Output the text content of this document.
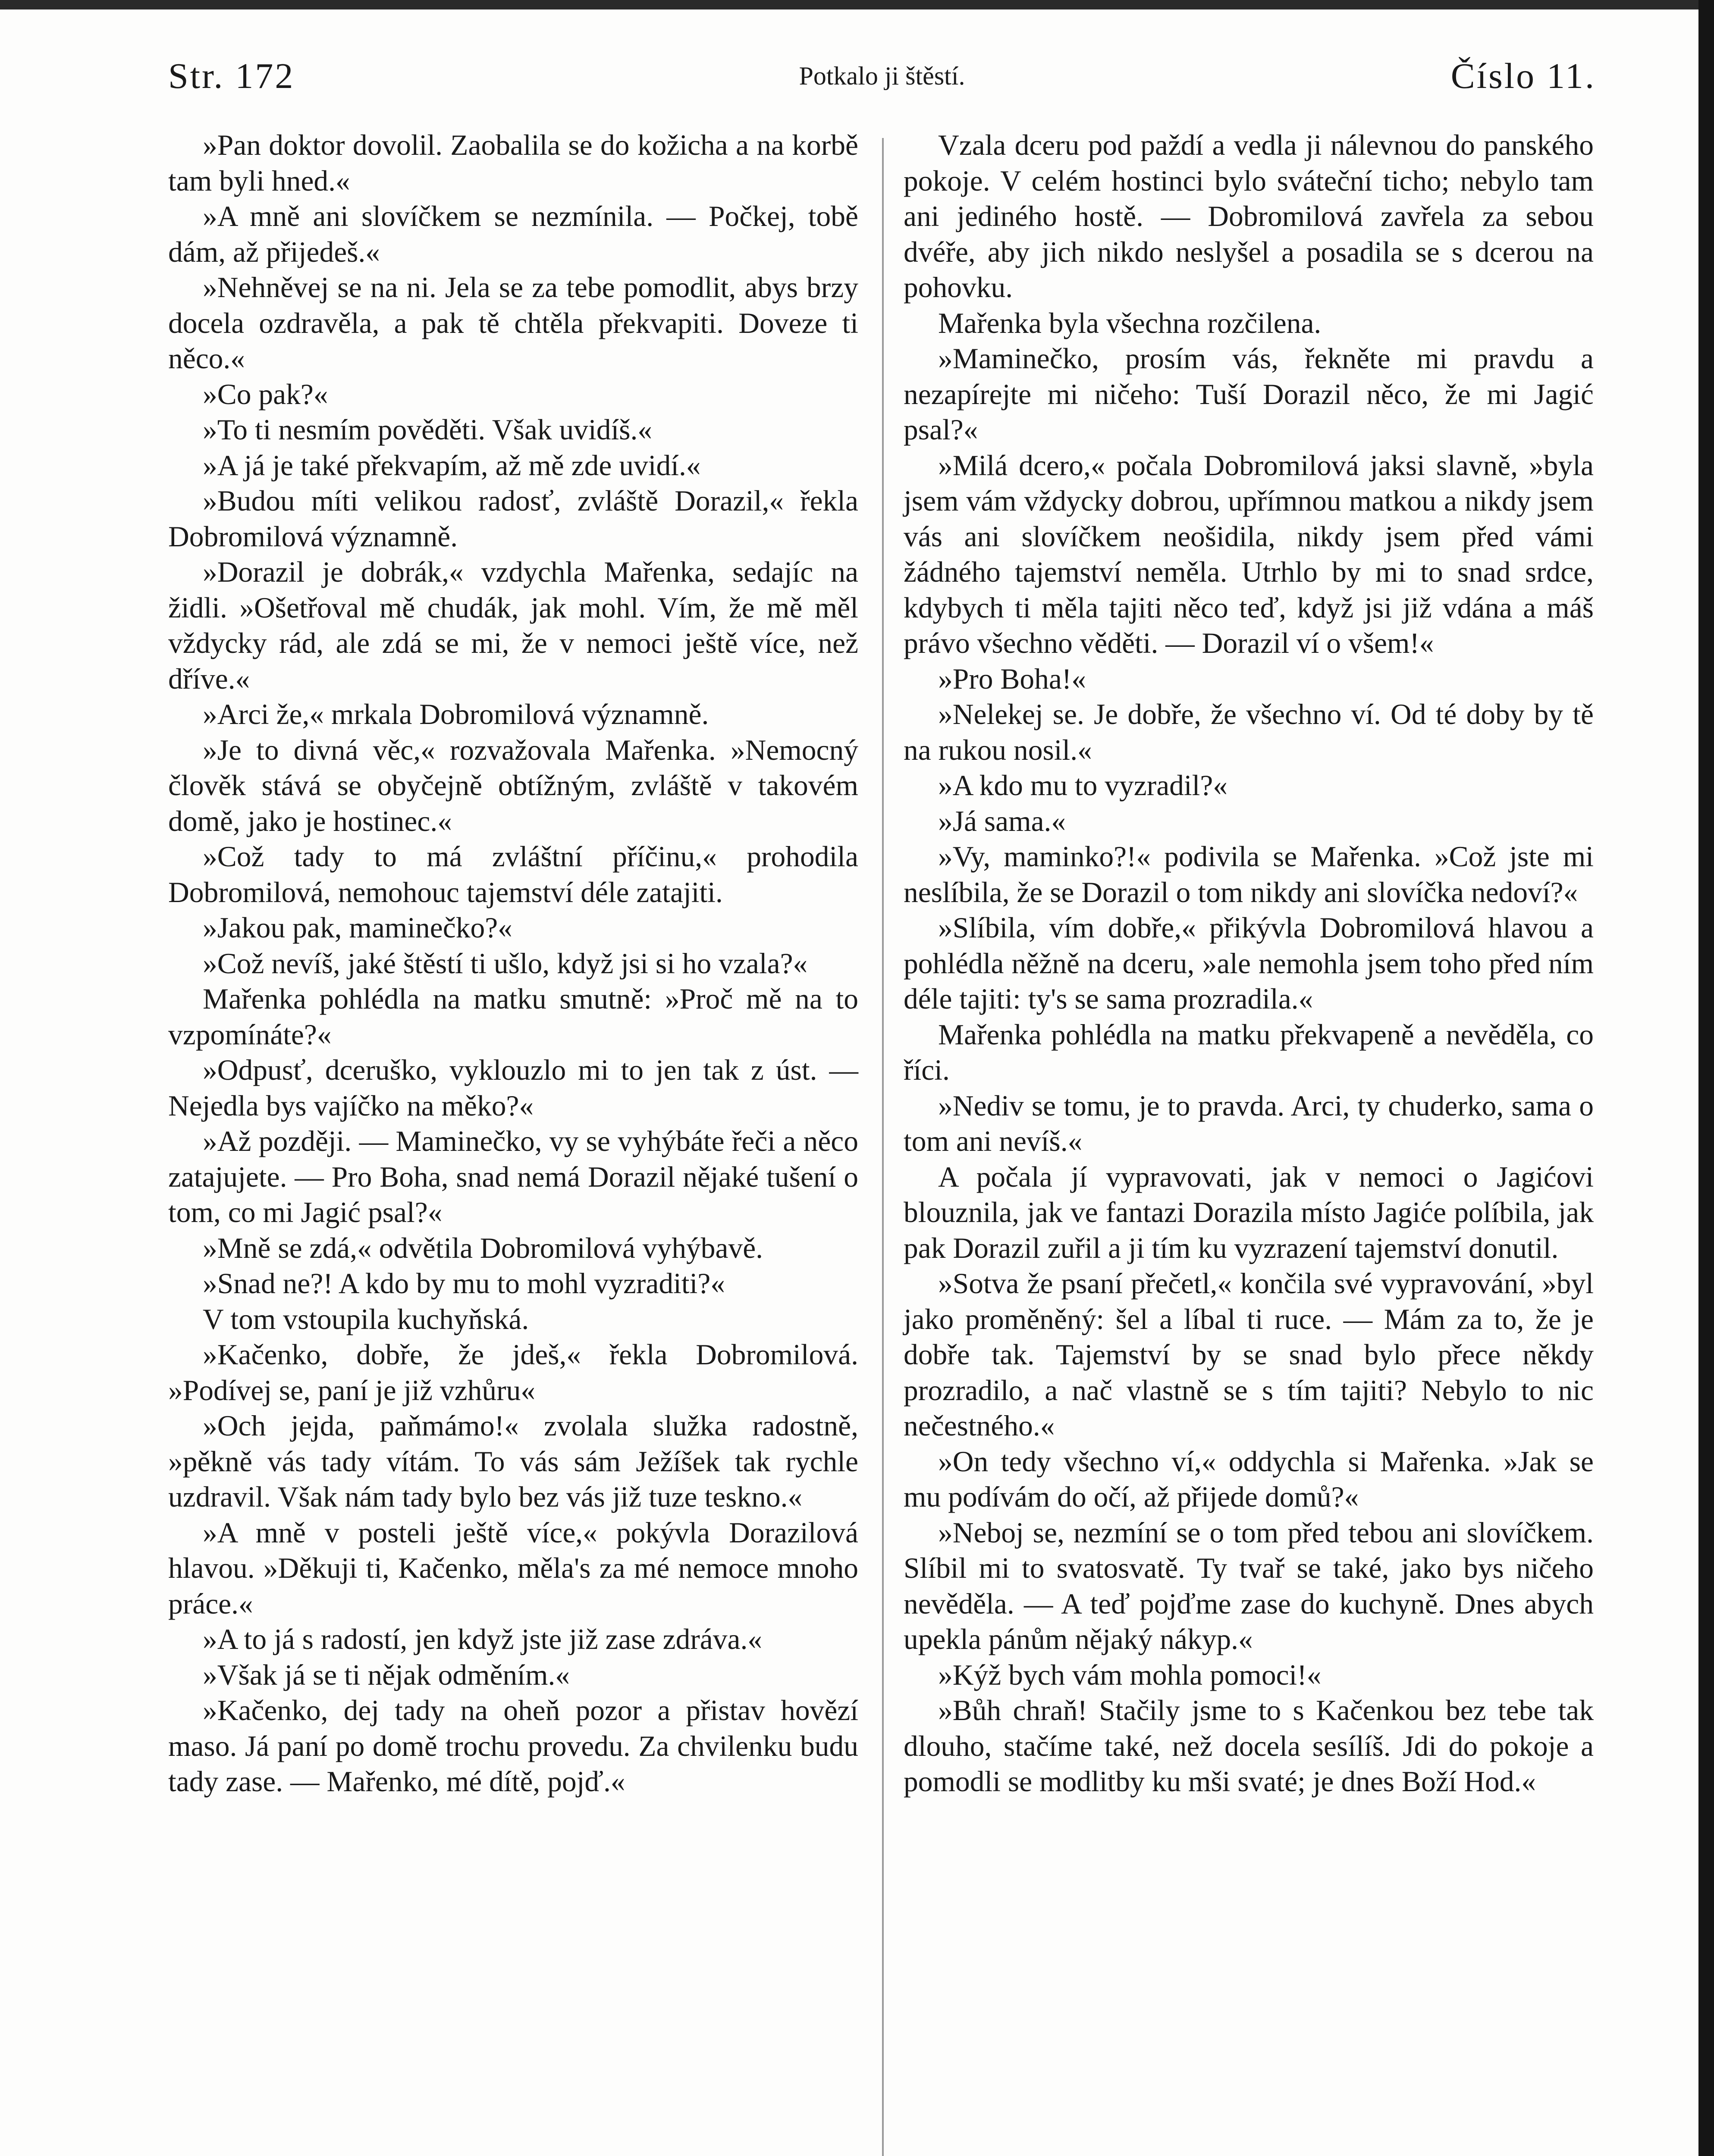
Str. 172	Potkalo ji štěstí.	Číslo 11.

»Pan doktor dovolil. Zaobalila se do kožicha a na korbě tam byli hned.«

»A mně ani slovíčkem se nezmínila. — Počkej, tobě dám, až přijedeš.«

»Nehněvej se na ni. Jela se za tebe pomodlit, abys brzy docela ozdravěla, a pak tě chtěla překvapiti. Doveze ti něco.«

»Co pak?«

»To ti nesmím pověděti. Však uvidíš.«

»A já je také překvapím, až mě zde uvidí.«

»Budou míti velikou radosť, zvláště Dorazil,« řekla Dobromilová významně.

»Dorazil je dobrák,« vzdychla Mařenka, sedajíc na židli. »Ošetřoval mě chudák, jak mohl. Vím, že mě měl vždycky rád, ale zdá se mi, že v nemoci ještě více, než dříve.«

»Arci že,« mrkala Dobromilová významně.

»Je to divná věc,« rozvažovala Mařenka. »Nemocný člověk stává se obyčejně obtížným, zvláště v takovém domě, jako je hostinec.«

»Což tady to má zvláštní příčinu,« prohodila Dobromilová, nemohouc tajemství déle zatajiti.

»Jakou pak, maminečko?«

»Což nevíš, jaké štěstí ti ušlo, když jsi si ho vzala?«

Mařenka pohlédla na matku smutně: »Proč mě na to vzpomínáte?«

»Odpusť, dceruško, vyklouzlo mi to jen tak z úst. — Nejedla bys vajíčko na měko?«

»Až později. — Maminečko, vy se vyhýbáte řeči a něco zatajujete. — Pro Boha, snad nemá Dorazil nějaké tušení o tom, co mi Jagić psal?«

»Mně se zdá,« odvětila Dobromilová vyhýbavě.

»Snad ne?! A kdo by mu to mohl vyzraditi?«

V tom vstoupila kuchyňská.

»Kačenko, dobře, že jdeš,« řekla Dobromilová. »Podívej se, paní je již vzhůru«

»Och jejda, paňmámo!« zvolala služka radostně, »pěkně vás tady vítám. To vás sám Ježíšek tak rychle uzdravil. Však nám tady bylo bez vás již tuze teskno.«

»A mně v posteli ještě více,« pokývla Dorazilová hlavou. »Děkuji ti, Kačenko, měla's za mé nemoce mnoho práce.«

»A to já s radostí, jen když jste již zase zdráva.«

»Však já se ti nějak odměním.«

»Kačenko, dej tady na oheň pozor a přistav hovězí maso. Já paní po domě trochu provedu. Za chvilenku budu tady zase. — Mařenko, mé dítě, pojď.«

Vzala dceru pod paždí a vedla ji nálevnou do panského pokoje. V celém hostinci bylo sváteční ticho; nebylo tam ani jediného hostě. — Dobromilová zavřela za sebou dvéře, aby jich nikdo neslyšel a posadila se s dcerou na pohovku.

Mařenka byla všechna rozčilena.

»Maminečko, prosím vás, řekněte mi pravdu a nezapírejte mi ničeho: Tuší Dorazil něco, že mi Jagić psal?«

»Milá dcero,« počala Dobromilová jaksi slavně, »byla jsem vám vždycky dobrou, upřímnou matkou a nikdy jsem vás ani slovíčkem neošidila, nikdy jsem před vámi žádného tajemství neměla. Utrhlo by mi to snad srdce, kdybych ti měla tajiti něco teď, když jsi již vdána a máš právo všechno věděti. — Dorazil ví o všem!«

»Pro Boha!«

»Nelekej se. Je dobře, že všechno ví. Od té doby by tě na rukou nosil.«

»A kdo mu to vyzradil?«

»Já sama.«

»Vy, maminko?!« podivila se Mařenka. »Což jste mi neslíbila, že se Dorazil o tom nikdy ani slovíčka nedoví?«

»Slíbila, vím dobře,« přikývla Dobromilová hlavou a pohlédla něžně na dceru, »ale nemohla jsem toho před ním déle tajiti: ty's se sama prozradila.«

Mařenka pohlédla na matku překvapeně a nevěděla, co říci.

»Nediv se tomu, je to pravda. Arci, ty chuderko, sama o tom ani nevíš.«

A počala jí vypravovati, jak v nemoci o Jagićovi blouznila, jak ve fantazi Dorazila místo Jagiće políbila, jak pak Dorazil zuřil a ji tím ku vyzrazení tajemství donutil.

»Sotva že psaní přečetl,« končila své vypravování, »byl jako proměněný: šel a líbal ti ruce. — Mám za to, že je dobře tak. Tajemství by se snad bylo přece někdy prozradilo, a nač vlastně se s tím tajiti? Nebylo to nic nečestného.«

»On tedy všechno ví,« oddychla si Mařenka. »Jak se mu podívám do očí, až přijede domů?«

»Neboj se, nezmíní se o tom před tebou ani slovíčkem. Slíbil mi to svatosvatě. Ty tvař se také, jako bys ničeho nevěděla. — A teď pojďme zase do kuchyně. Dnes abych upekla pánům nějaký nákyp.«

»Kýž bych vám mohla pomoci!«

»Bůh chraň! Stačily jsme to s Kačenkou bez tebe tak dlouho, stačíme také, než docela sesílíš. Jdi do pokoje a pomodli se modlitby ku mši svaté; je dnes Boží Hod.«
